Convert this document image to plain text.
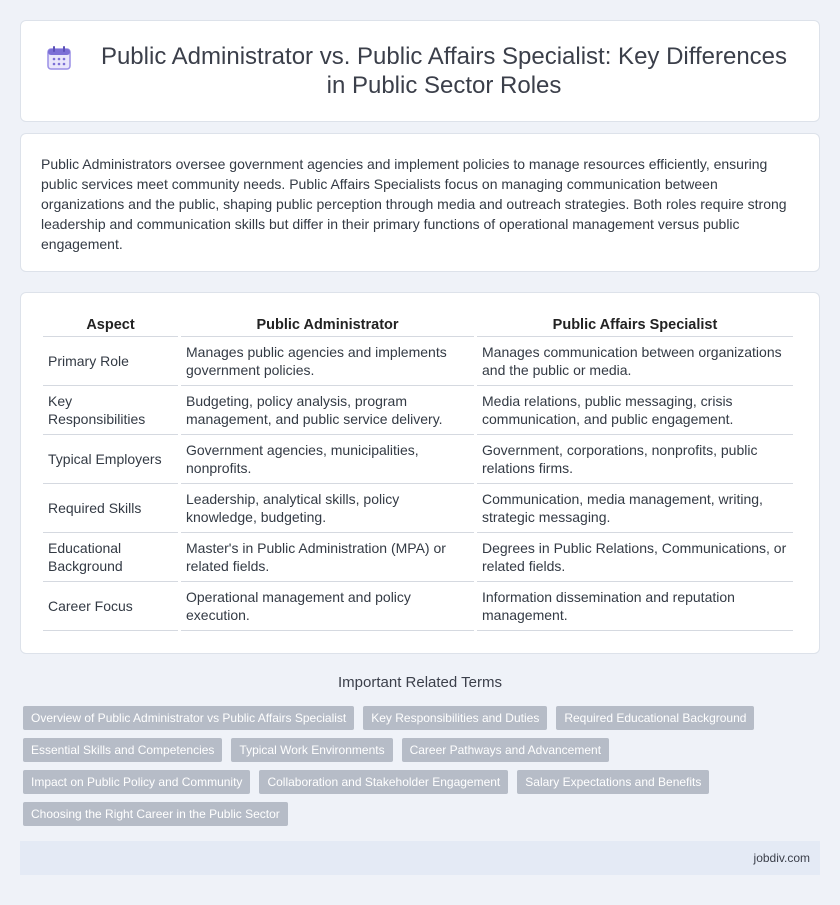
Public Administrator vs. Public Affairs Specialist: Key Differences in Public Sector Roles

Public Administrators oversee government agencies and implement policies to manage resources efficiently, ensuring public services meet community needs. Public Affairs Specialists focus on managing communication between organizations and the public, shaping public perception through media and outreach strategies. Both roles require strong leadership and communication skills but differ in their primary functions of operational management versus public engagement.

Aspect	Public Administrator	Public Affairs Specialist
Primary Role	Manages public agencies and implements government policies.	Manages communication between organizations and the public or media.
Key Responsibilities	Budgeting, policy analysis, program management, and public service delivery.	Media relations, public messaging, crisis communication, and public engagement.
Typical Employers	Government agencies, municipalities, nonprofits.	Government, corporations, nonprofits, public relations firms.
Required Skills	Leadership, analytical skills, policy knowledge, budgeting.	Communication, media management, writing, strategic messaging.
Educational Background	Master's in Public Administration (MPA) or related fields.	Degrees in Public Relations, Communications, or related fields.
Career Focus	Operational management and policy execution.	Information dissemination and reputation management.
Important Related Terms
Overview of Public Administrator vs Public Affairs Specialist	Key Responsibilities and Duties	Required Educational Background
Essential Skills and Competencies	Typical Work Environments	Career Pathways and Advancement
Impact on Public Policy and Community	Collaboration and Stakeholder Engagement	Salary Expectations and Benefits
Choosing the Right Career in the Public Sector
jobdiv.com
